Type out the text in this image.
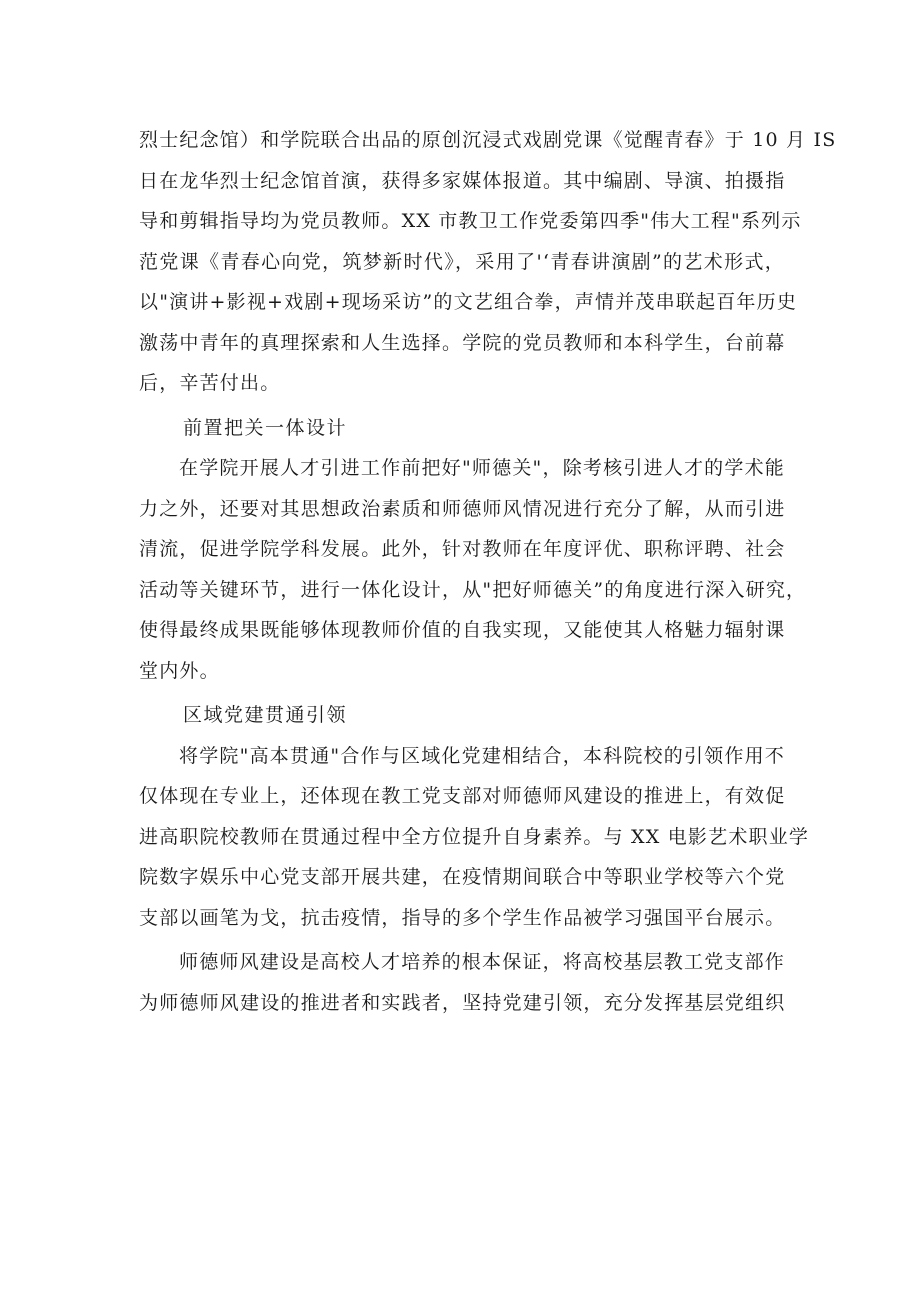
烈士纪念馆）和学院联合出品的原创沉浸式戏剧党课《觉醒青春》于 10 月 IS
日在龙华烈士纪念馆首演，获得多家媒体报道。其中编剧、导演、拍摄指
导和剪辑指导均为党员教师。XX 市教卫工作党委第四季"伟大工程"系列示
范党课《青春心向党，筑梦新时代》，采用了'‘青春讲演剧”的艺术形式，
以"演讲+影视+戏剧+现场采访”的文艺组合拳，声情并茂串联起百年历史
激荡中青年的真理探索和人生选择。学院的党员教师和本科学生，台前幕
后，辛苦付出。
前置把关一体设计
在学院开展人才引进工作前把好"师德关"，除考核引进人才的学术能
力之外，还要对其思想政治素质和师德师风情况进行充分了解，从而引进
清流，促进学院学科发展。此外，针对教师在年度评优、职称评聘、社会
活动等关键环节，进行一体化设计，从"把好师德关”的角度进行深入研究，
使得最终成果既能够体现教师价值的自我实现，又能使其人格魅力辐射课
堂内外。
区域党建贯通引领
将学院"高本贯通"合作与区域化党建相结合，本科院校的引领作用不
仅体现在专业上，还体现在教工党支部对师德师风建设的推进上，有效促
进高职院校教师在贯通过程中全方位提升自身素养。与 XX 电影艺术职业学
院数字娱乐中心党支部开展共建，在疫情期间联合中等职业学校等六个党
支部以画笔为戈，抗击疫情，指导的多个学生作品被学习强国平台展示。
师德师风建设是高校人才培养的根本保证，将高校基层教工党支部作
为师德师风建设的推进者和实践者，坚持党建引领，充分发挥基层党组织
